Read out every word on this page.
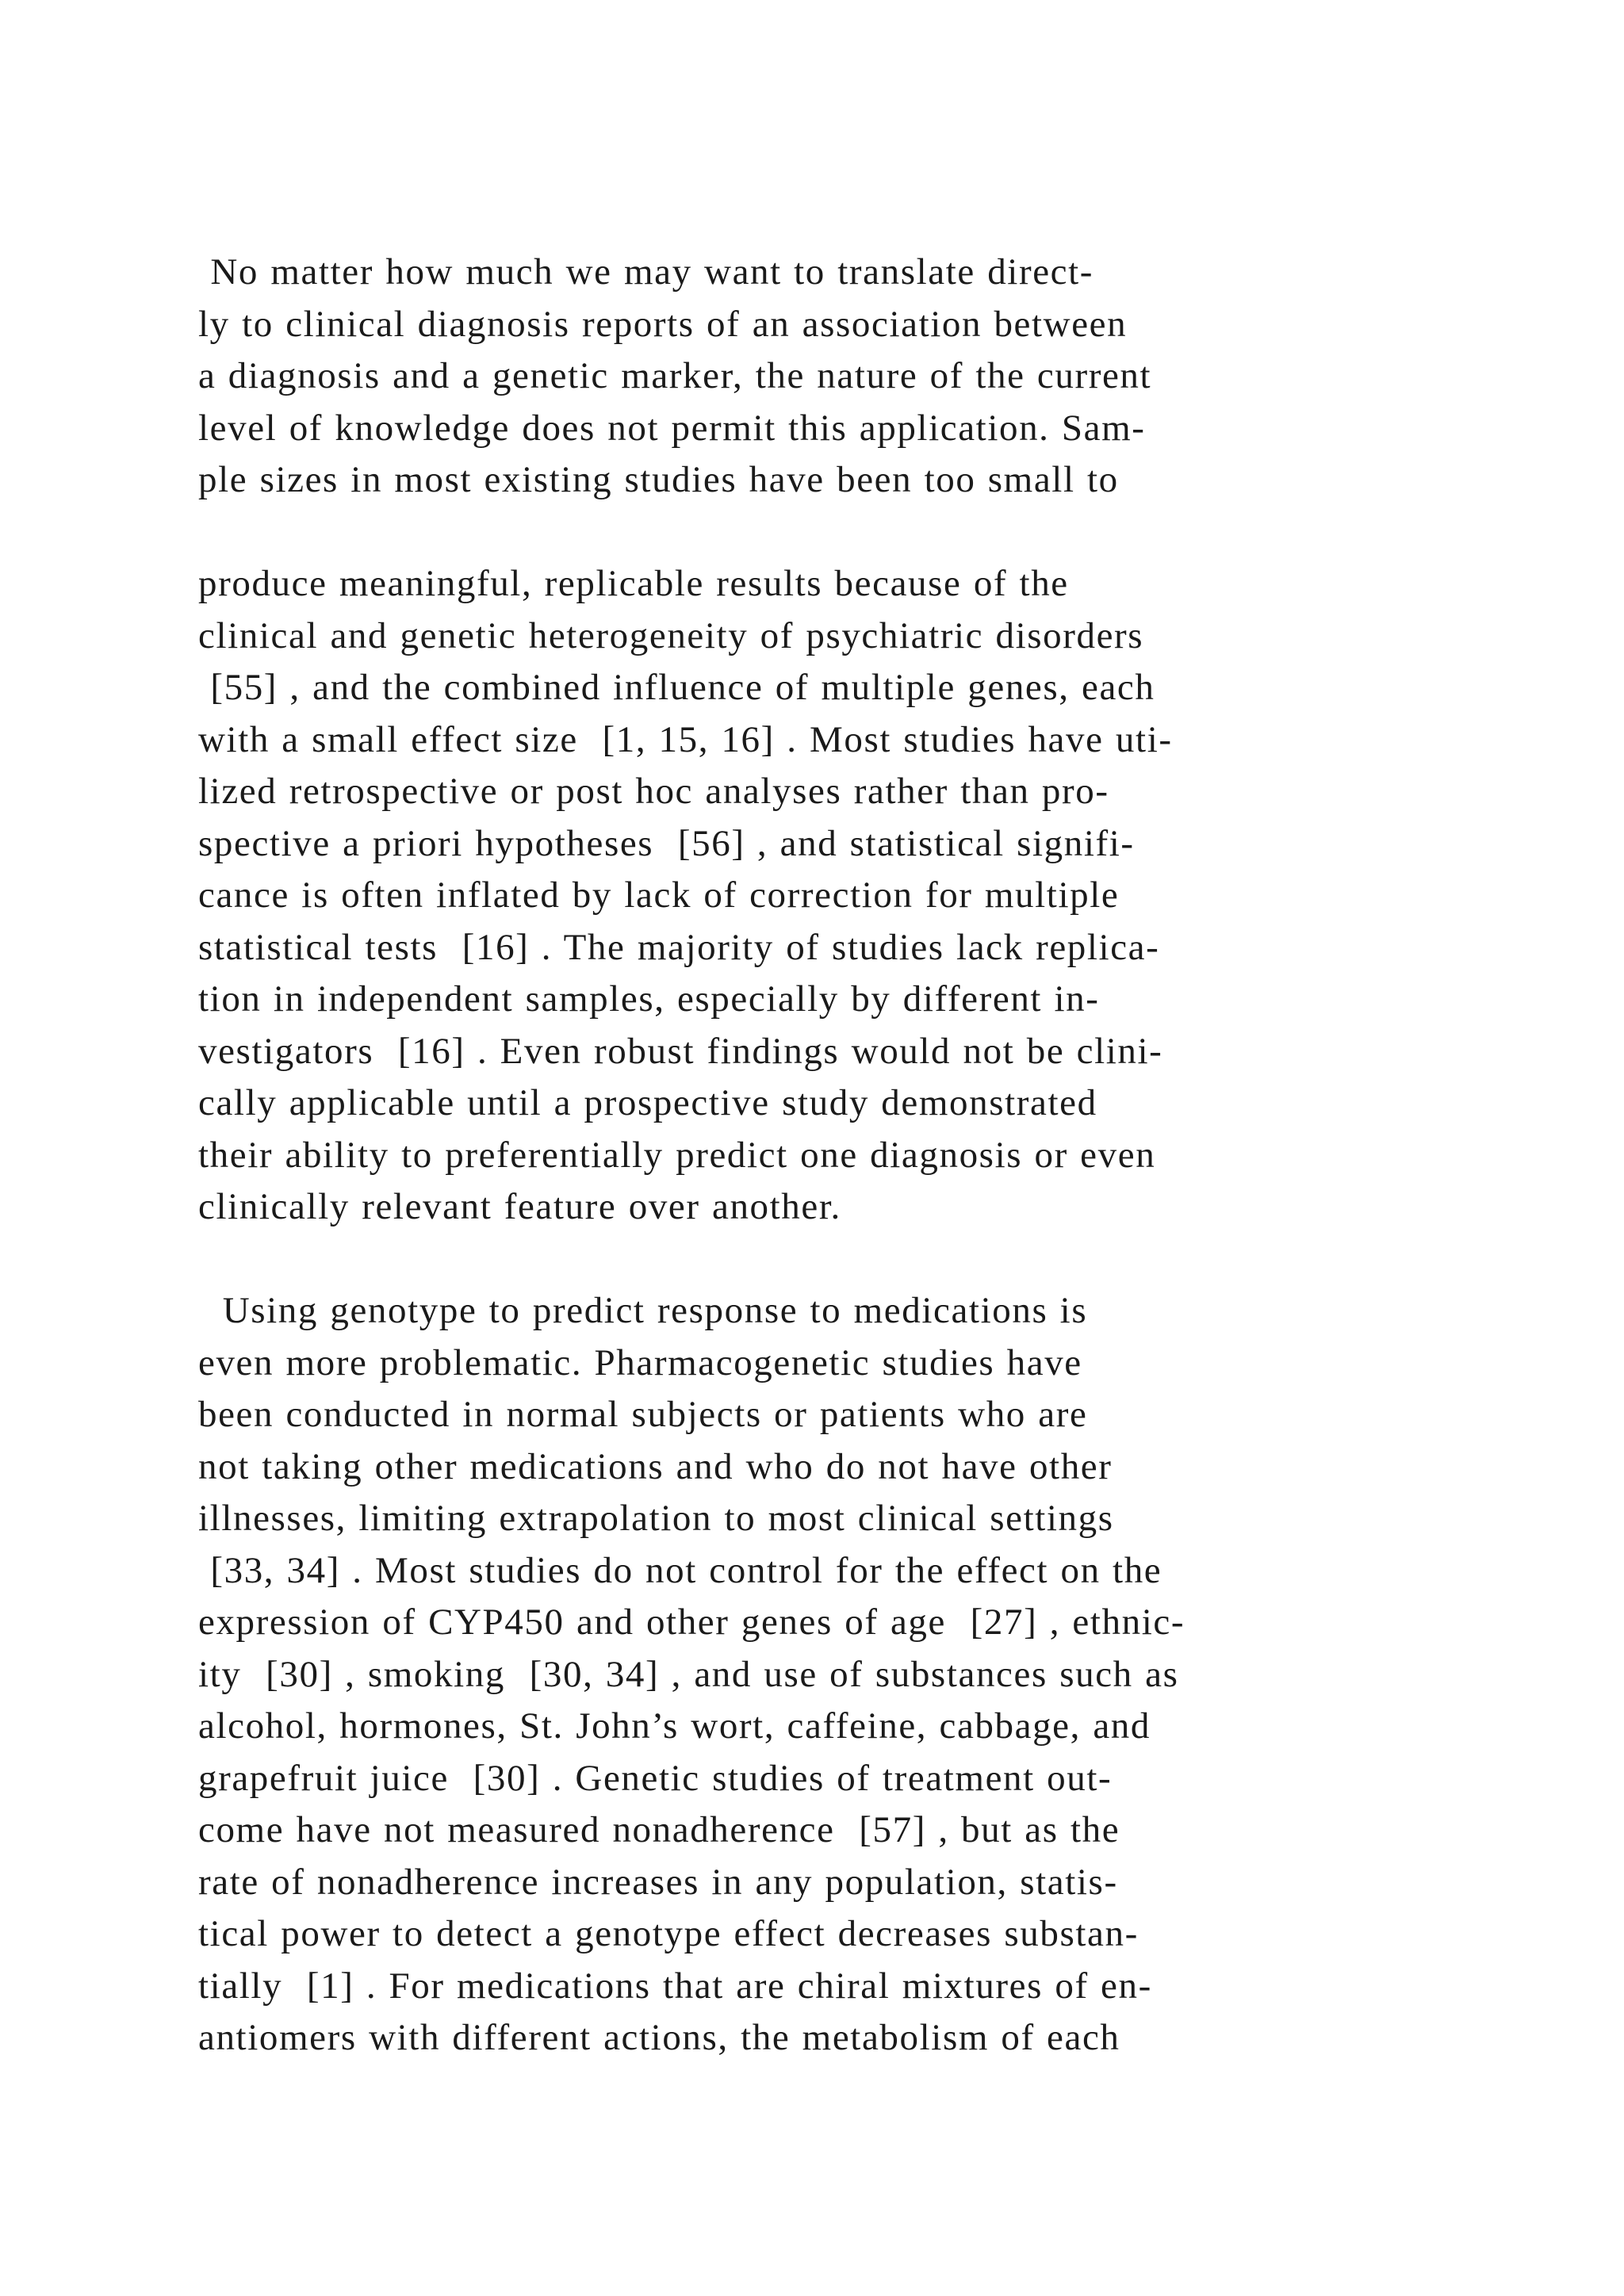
No matter how much we may want to translate direct-
ly to clinical diagnosis reports of an association between
a diagnosis and a genetic marker, the nature of the current
level of knowledge does not permit this application. Sam-
ple sizes in most existing studies have been too small to
produce meaningful, replicable results because of the
clinical and genetic heterogeneity of psychiatric disorders
[55] , and the combined influence of multiple genes, each
with a small effect size  [1, 15, 16] . Most studies have uti-
lized retrospective or post hoc analyses rather than pro-
spective a priori hypotheses  [56] , and statistical signifi-
cance is often inflated by lack of correction for multiple
statistical tests  [16] . The majority of studies lack replica-
tion in independent samples, especially by different in-
vestigators  [16] . Even robust findings would not be clini-
cally applicable until a prospective study demonstrated
their ability to preferentially predict one diagnosis or even
clinically relevant feature over another.
Using genotype to predict response to medications is
even more problematic. Pharmacogenetic studies have
been conducted in normal subjects or patients who are
not taking other medications and who do not have other
illnesses, limiting extrapolation to most clinical settings
[33, 34] . Most studies do not control for the effect on the
expression of CYP450 and other genes of age  [27] , ethnic-
ity  [30] , smoking  [30, 34] , and use of substances such as
alcohol, hormones, St. John’s wort, caffeine, cabbage, and
grapefruit juice  [30] . Genetic studies of treatment out-
come have not measured nonadherence  [57] , but as the
rate of nonadherence increases in any population, statis-
tical power to detect a genotype effect decreases substan-
tially  [1] . For medications that are chiral mixtures of en-
antiomers with different actions, the metabolism of each
